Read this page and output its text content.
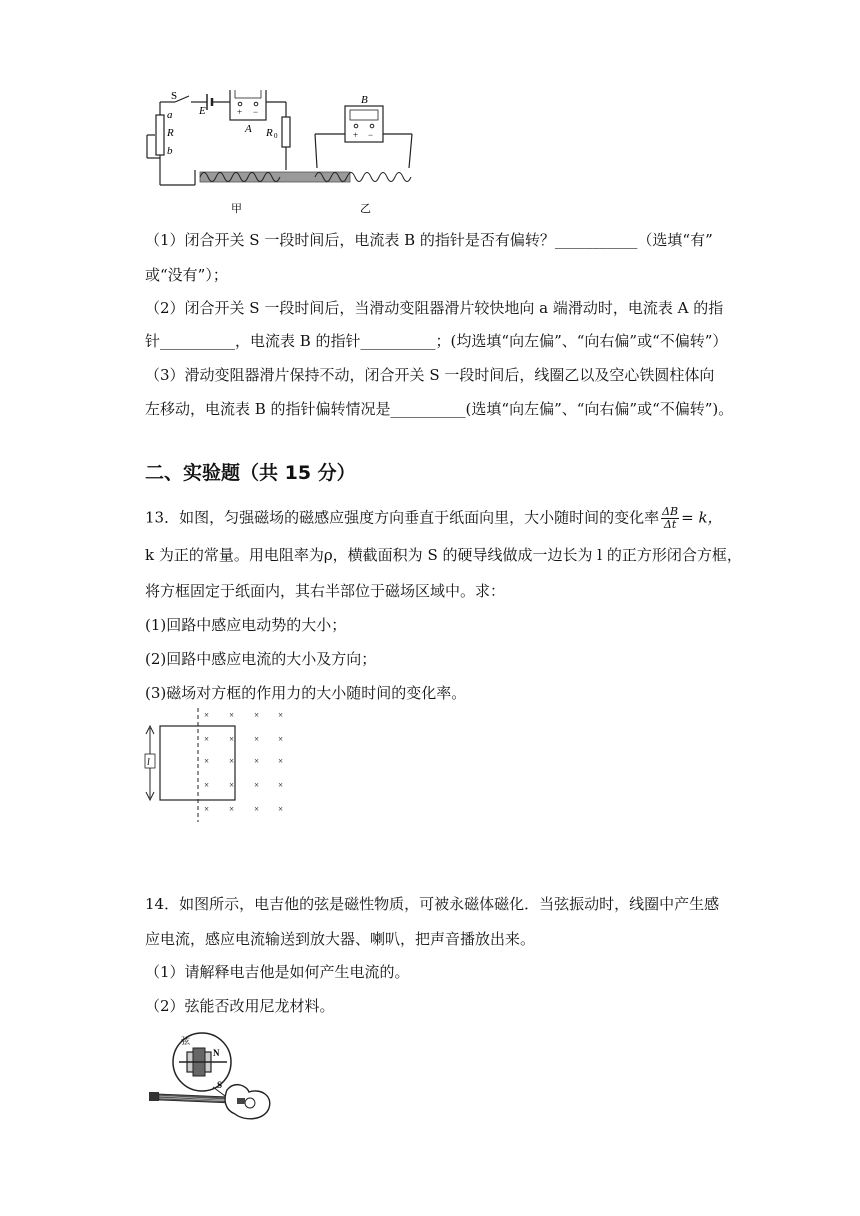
S
E
a
R
b
A
+ −
R 0
B
+ −
甲	乙
（1）闭合开关 S 一段时间后，电流表 B 的指针是否有偏转？___________（选填“有”
或“没有”）；
（2）闭合开关 S 一段时间后，当滑动变阻器滑片较快地向 a 端滑动时，电流表 A 的指
针__________，电流表 B 的指针__________；(均选填“向左偏”、“向右偏”或“不偏转”）
（3）滑动变阻器滑片保持不动，闭合开关 S 一段时间后，线圈乙以及空心铁圆柱体向
左移动，电流表 B 的指针偏转情况是__________(选填“向左偏”、“向右偏”或“不偏转”)。
二、实验题（共 15 分）
13．如图，匀强磁场的磁感应强度方向垂直于纸面向里，大小随时间的变化率 $\frac{\Delta B}{\Delta t} = k$，
k 为正的常量。用电阻率为ρ，横截面积为 S 的硬导线做成一边长为 l 的正方形闭合方框，
将方框固定于纸面内，其右半部位于磁场区域中。求：
(1)回路中感应电动势的大小；
(2)回路中感应电流的大小及方向；
(3)磁场对方框的作用力的大小随时间的变化率。
l
× × × ×
× × × ×
× × × ×
× × × ×
× × × ×
14．如图所示，电吉他的弦是磁性物质，可被永磁体磁化．当弦振动时，线圈中产生感
应电流，感应电流输送到放大器、喇叭，把声音播放出来。
（1）请解释电吉他是如何产生电流的。
（2）弦能否改用尼龙材料。
弦
N
S
